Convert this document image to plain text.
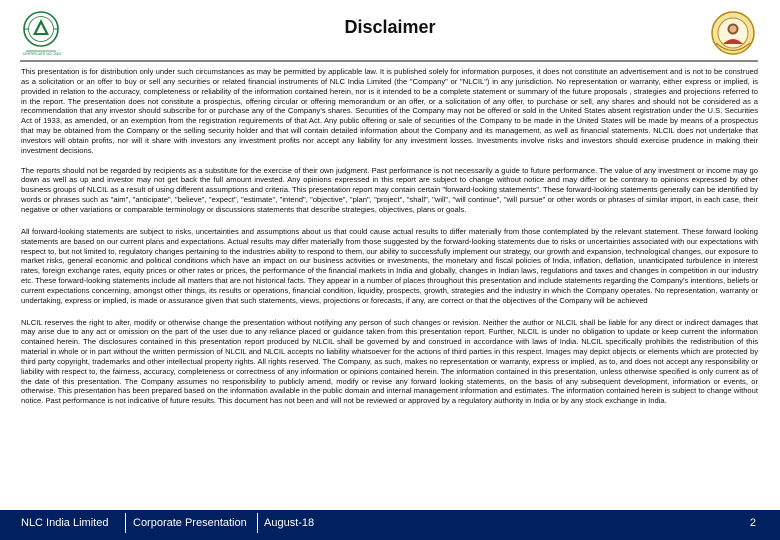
CERTIFICATE NO. 2002
Disclaimer

This presentation is for distribution only under such circumstances as may be permitted by applicable law. It is published solely for information purposes, it does not constitute an advertisement and is not to be construed as a solicitation or an offer to buy or sell any securities or related financial instruments of NLC India Limited (the "Company" or "NLCIL") in any jurisdiction. No representation or warranty, either express or implied, is provided in relation to the accuracy, completeness or reliability of the information contained herein, nor is it intended to be a complete statement or summary of the future proposals , strategies and projections referred to in the report. The presentation does not constitute a prospectus, offering circular or offering memorandum or an offer, or a solicitation of any offer, to purchase or sell, any shares and should not be considered as a recommendation that any investor should subscribe for or purchase any of the Company's shares. Securities of the Company may not be offered or sold in the United States absent registration under the U.S. Securities Act of 1933, as amended, or an exemption from the registration requirements of that Act. Any public offering or sale of securities of the Company to be made in the United States will be made by means of a prospectus that may be obtained from the Company or the selling security holder and that will contain detailed information about the Company and its management, as well as financial statements. NLCIL does not undertake that investors will obtain profits, nor will it share with investors any investment profits nor accept any liability for any investment losses. Investments involve risks and investors should exercise prudence in making their investment decisions.

The reports should not be regarded by recipients as a substitute for the exercise of their own judgment. Past performance is not necessarily a guide to future performance. The value of any investment or income may go down as well as up and investor may not get back the full amount invested. Any opinions expressed in this report are subject to change without notice and may differ or be contrary to opinions expressed by other business groups of NLCIL as a result of using different assumptions and criteria. This presentation report may contain certain "forward-looking statements". These forward-looking statements generally can be identified by words or phrases such as "aim", "anticipate", "believe", "expect", "estimate", "intend", "objective", "plan", "project", "shall", "will", "will continue", "will pursue" or other words or phrases of similar import, in each case, their negative or other variations or comparable terminology or discussions statements that describe strategies, objectives, plans or goals.

All forward-looking statements are subject to risks, uncertainties and assumptions about us that could cause actual results to differ materially from those contemplated by the relevant statement. These forward looking statements are based on our current plans and expectations. Actual results may differ materially from those suggested by the forward-looking statements due to risks or uncertainties associated with our expectations with respect to, but not limited to, regulatory changes pertaining to the industries ability to respond to them, our ability to successfully implement our strategy, our growth and expansion, technological changes, our exposure to market risks, general economic and political conditions which have an impact on our business activities or investments, the monetary and fiscal policies of India, inflation, deflation, unanticipated turbulence in interest rates, foreign exchange rates, equity prices or other rates or prices, the performance of the financial markets in India and globally, changes in Indian laws, regulations and taxes and changes in competition in our industry etc. These forward-looking statements include all matters that are not historical facts. They appear in a number of places throughout this presentation and include statements regarding the Company's intentions, beliefs or current expectations concerning, amongst other things, its results or operations, financial condition, liquidity, prospects, growth, strategies and the industry in which the Company operates. No representation, warranty or undertaking, express or implied, is made or assurance given that such statements, views, projections or forecasts, if any, are correct or that the objectives of the Company will be achieved

NLCIL reserves the right to alter, modify or otherwise change the presentation without notifying any person of such changes or revision. Neither the author or NLCIL shall be liable for any direct or indirect damages that may arise due to any act or omission on the part of the user due to any reliance placed or guidance taken from this presentation report. Further, NLCIL is under no obligation to update or keep current the information contained herein. The disclosures contained in this presentation report produced by NLCIL shall be governed by and construed in accordance with laws of India. NLCIL specifically prohibits the redistribution of this material in whole or in part without the written permission of NLCIL and NLCIL accepts no liability whatsoever for the actions of third parties in this respect. Images may depict objects or elements which are protected by third party copyright, trademarks and other intellectual property rights. All rights reserved. The Company, as such, makes no representation or warranty, express or implied, as to, and does not accept any responsibility or liability with respect to, the fairness, accuracy, completeness or correctness of any information or opinions contained herein. The information contained in this presentation, unless otherwise specified is only current as of the date of this presentation. The Company assumes no responsibility to publicly amend, modify or revise any forward looking statements, on the basis of any subsequent development, information or events, or otherwise. This presentation has been prepared based on the information available in the public domain and internal management information and estimates. The information contained herein is subject to change without notice. Past performance is not indicative of future results. This document has not been and will not be reviewed or approved by a regulatory authority in India or by any stock exchange in India.

NLC India Limited Corporate Presentation August-18	2
